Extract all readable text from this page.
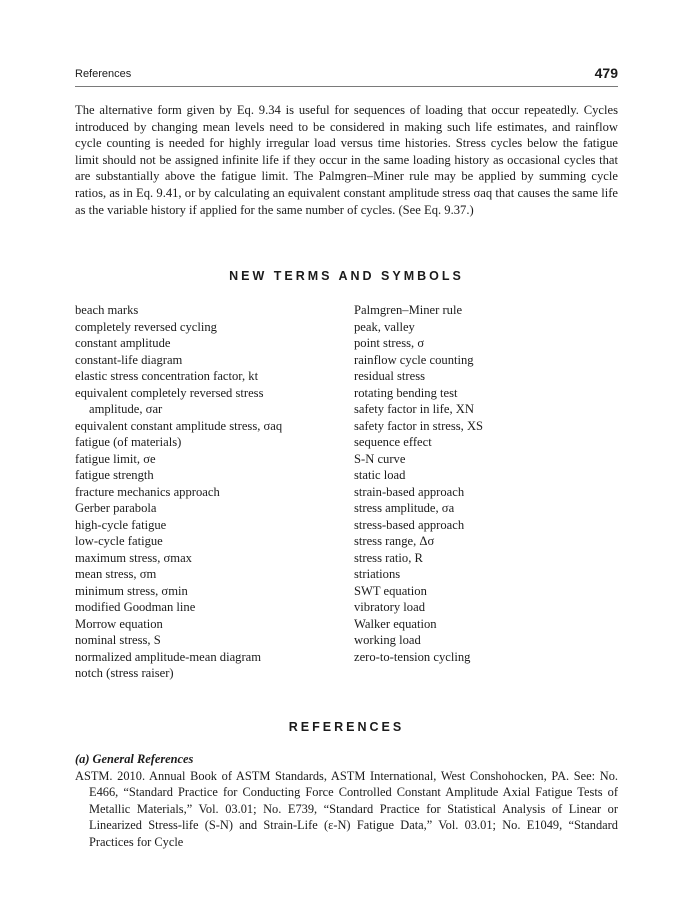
References	479

The alternative form given by Eq. 9.34 is useful for sequences of loading that occur repeatedly. Cycles introduced by changing mean levels need to be considered in making such life estimates, and rainflow cycle counting is needed for highly irregular load versus time histories. Stress cycles below the fatigue limit should not be assigned infinite life if they occur in the same loading history as occasional cycles that are substantially above the fatigue limit. The Palmgren–Miner rule may be applied by summing cycle ratios, as in Eq. 9.41, or by calculating an equivalent constant amplitude stress σaq that causes the same life as the variable history if applied for the same number of cycles. (See Eq. 9.37.)

NEW TERMS AND SYMBOLS
beach marks
completely reversed cycling
constant amplitude
constant-life diagram
elastic stress concentration factor, kt
equivalent completely reversed stress
amplitude, σar
equivalent constant amplitude stress, σaq
fatigue (of materials)
fatigue limit, σe
fatigue strength
fracture mechanics approach
Gerber parabola
high-cycle fatigue
low-cycle fatigue
maximum stress, σmax
mean stress, σm
minimum stress, σmin
modified Goodman line
Morrow equation
nominal stress, S
normalized amplitude-mean diagram
notch (stress raiser)
Palmgren–Miner rule
peak, valley
point stress, σ
rainflow cycle counting
residual stress
rotating bending test
safety factor in life, XN
safety factor in stress, XS
sequence effect
S-N curve
static load
strain-based approach
stress amplitude, σa
stress-based approach
stress range, Δσ
stress ratio, R
striations
SWT equation
vibratory load
Walker equation
working load
zero-to-tension cycling
REFERENCES

(a) General References

ASTM. 2010. Annual Book of ASTM Standards, ASTM International, West Conshohocken, PA. See: No. E466, “Standard Practice for Conducting Force Controlled Constant Amplitude Axial Fatigue Tests of Metallic Materials,” Vol. 03.01; No. E739, “Standard Practice for Statistical Analysis of Linear or Linearized Stress-life (S-N) and Strain-Life (ε-N) Fatigue Data,” Vol. 03.01; No. E1049, “Standard Practices for Cycle
